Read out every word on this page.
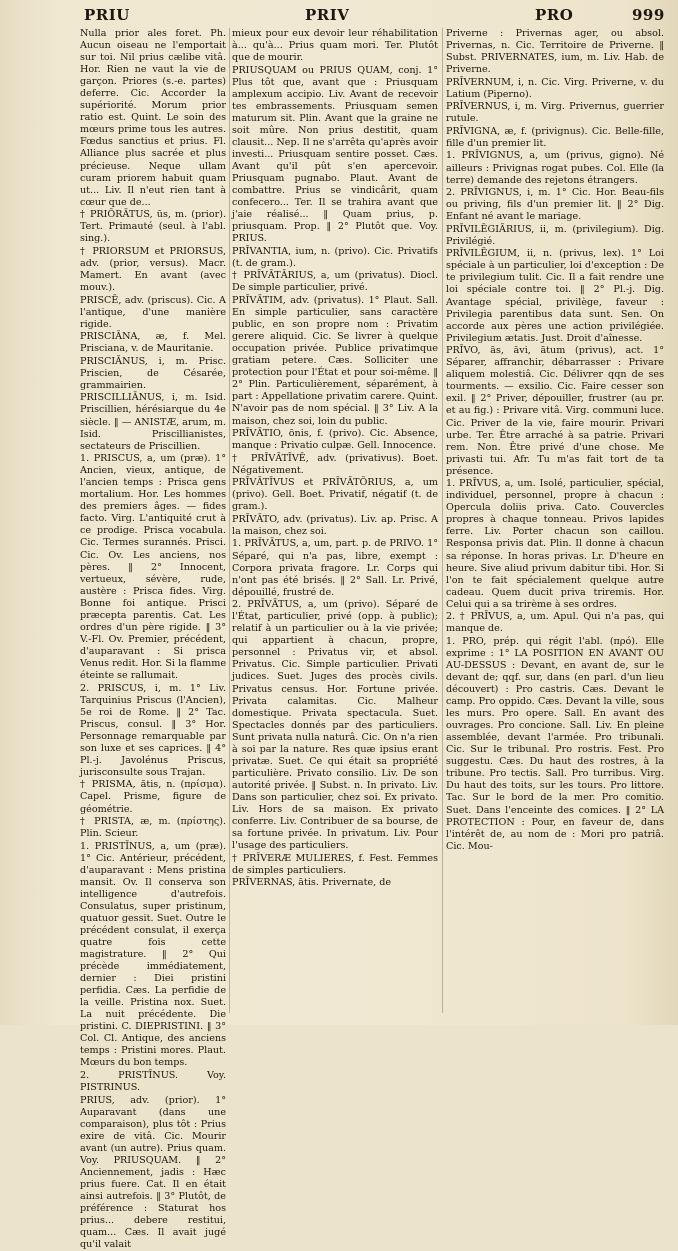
PRIU	PRIV	PRO	999

Nulla prior ales foret. Ph. Aucun oiseau ne l'emportait sur toi. Nil prius cælibe vitâ. Hor. Rien ne vaut la vie de garçon. Priores (s.-e. partes) deferre. Cic. Accorder la supériorité. Morum prior ratio est. Quint. Le soin des mœurs prime tous les autres. Fœdus sanctius et prius. Fl. Alliance plus sacrée et plus précieuse. Neque ullam curam priorem habuit quam ut... Liv. Il n'eut rien tant à cœur que de...

† PRIŌRĀTUS, ūs, m. (prior). Tert. Primauté (seul. à l'abl. sing.).

† PRIORSUM et PRIORSUS, adv. (prior, versus). Macr. Mamert. En avant (avec mouv.).

PRISCĒ, adv. (priscus). Cic. A l'antique, d'une manière rigide.

PRISCIĀNA, æ, f. Mel. Prisciana, v. de Mauritanie.

PRISCIĀNUS, i, m. Prisc. Priscien, de Césarée, grammairien.

PRISCILLIĀNUS, i, m. Isid. Priscillien, hérésiarque du 4e siècle. ‖ — ANISTÆ, arum, m. Isid. Priscillianistes, sectateurs de Priscillien.

1. PRISCUS, a, um (præ). 1° Ancien, vieux, antique, de l'ancien temps : Prisca gens mortalium. Hor. Les hommes des premiers âges. — fides facto. Virg. L'antiquité crut à ce prodige. Prisca vocabula. Cic. Termes surannés. Prisci. Cic. Ov. Les anciens, nos pères. ‖ 2° Innocent, vertueux, sévère, rude, austère : Prisca fides. Virg. Bonne foi antique. Prisci præcepta parentis. Cat. Les ordres d'un père rigide. ‖ 3° V.-Fl. Ov. Premier, précédent, d'auparavant : Si prisca Venus redit. Hor. Si la flamme éteinte se rallumait.

2. PRISCUS, i, m. 1° Liv. Tarquinius Priscus (l'Ancien), 5e roi de Rome. ‖ 2° Tac. Priscus, consul. ‖ 3° Hor. Personnage remarquable par son luxe et ses caprices. ‖ 4° Pl.-j. Javolénus Priscus, jurisconsulte sous Trajan.

† PRISMA, ătis, n. (πρίσμα). Capel. Prisme, figure de géométrie.

† PRISTA, æ, m. (πρίστης). Plin. Scieur.

1. PRISTĪNUS, a, um (præ). 1° Cic. Antérieur, précédent, d'auparavant : Mens pristina mansit. Ov. Il conserva son intelligence d'autrefois. Consulatus, super pristinum, quatuor gessit. Suet. Outre le précédent consulat, il exerça quatre fois cette magistrature. ‖ 2° Qui précède immédiatement, dernier : Diei pristini perfidia. Cæs. La perfidie de la veille. Pristina nox. Suet. La nuit précédente. Die pristini. C. DIEPRISTINI. ‖ 3° Col. Cl. Antique, des anciens temps : Pristini mores. Plaut. Mœurs du bon temps.

2. PRISTĪNUS. Voy. PISTRINUS.

PRIUS, adv. (prior). 1° Auparavant (dans une comparaison), plus tôt : Prius exire de vitâ. Cic. Mourir avant (un autre). Prius quam. Voy. PRIUSQUAM. ‖ 2° Anciennement, jadis : Hæc prius fuere. Cat. Il en était ainsi autrefois. ‖ 3° Plutôt, de préférence : Staturat hos prius... debere restitui, quam... Cæs. Il avait jugé qu'il valait

mieux pour eux devoir leur réhabilitation à... qu'à... Prius quam mori. Ter. Plutôt que de mourir.

PRIUSQUAM ou PRIUS QUAM, conj. 1° Plus tôt que, avant que : Priusquam amplexum accipio. Liv. Avant de recevoir tes embrassements. Priusquam semen maturum sit. Plin. Avant que la graine ne soit mûre. Non prius destitit, quam clausit... Nep. Il ne s'arrêta qu'après avoir investi... Priusquam sentire posset. Cæs. Avant qu'il pût s'en apercevoir. Priusquam pugnabo. Plaut. Avant de combattre. Prius se vindicârit, quam confecero... Ter. Il se trahira avant que j'aie réalisé... ‖ Quam prius, p. priusquam. Prop. ‖ 2° Plutôt que. Voy. PRIUS.

PRĪVANTIA, ium, n. (privo). Cic. Privatifs (t. de gram.).

† PRĪVĀTĀRIUS, a, um (privatus). Diocl. De simple particulier, privé.

PRĪVĀTIM, adv. (privatus). 1° Plaut. Sall. En simple particulier, sans caractère public, en son propre nom : Privatim gerere aliquid. Cic. Se livrer à quelque occupation privée. Publice privatimque gratiam petere. Cæs. Solliciter une protection pour l'État et pour soi-même. ‖ 2° Plin. Particulièrement, séparément, à part : Appellatione privatim carere. Quint. N'avoir pas de nom spécial. ‖ 3° Liv. A la maison, chez soi, loin du public.

PRĪVĀTIO, ōnis, f. (privo). Cic. Absence, manque : Privatio culpæ. Gell. Innocence.

† PRĪVĀTĪVĒ, adv. (privativus). Boet. Négativement.

PRĪVĀTĪVUS et PRĪVĀTŌRIUS, a, um (privo). Gell. Boet. Privatif, négatif (t. de gram.).

PRĪVĀTO, adv. (privatus). Liv. ap. Prisc. A la maison, chez soi.

1. PRĪVĀTUS, a, um, part. p. de PRIVO. 1° Séparé, qui n'a pas, libre, exempt : Corpora privata fragore. Lr. Corps qui n'ont pas été brisés. ‖ 2° Sall. Lr. Privé, dépouillé, frustré de.

2. PRĪVĀTUS, a, um (privo). Séparé de l'État, particulier, privé (opp. à public); relatif à un particulier ou à la vie privée; qui appartient à chacun, propre, personnel : Privatus vir, et absol. Privatus. Cic. Simple particulier. Privati judices. Suet. Juges des procès civils. Privatus census. Hor. Fortune privée. Privata calamitas. Cic. Malheur domestique. Privata spectacula. Suet. Spectacles donnés par des particuliers. Sunt privata nulla naturâ. Cic. On n'a rien à soi par la nature. Res quæ ipsius erant privatæ. Suet. Ce qui était sa propriété particulière. Privato consilio. Liv. De son autorité privée. ‖ Subst. n. In privato. Liv. Dans son particulier, chez soi. Ex privato. Liv. Hors de sa maison. Ex privato conferre. Liv. Contribuer de sa bourse, de sa fortune privée. In privatum. Liv. Pour l'usage des particuliers.

† PRĪVERÆ MULIERES, f. Fest. Femmes de simples particuliers.

PRĪVERNAS, ātis. Privernate, de

Priverne : Privernas ager, ou absol. Privernas, n. Cic. Territoire de Priverne. ‖ Subst. PRIVERNATES, ium, m. Liv. Hab. de Priverne.

PRĪVERNUM, i, n. Cic. Virg. Priverne, v. du Latium (Piperno).

PRĪVERNUS, i, m. Virg. Privernus, guerrier rutule.

PRĪVIGNA, æ, f. (privignus). Cic. Belle-fille, fille d'un premier lit.

1. PRĪVIGNUS, a, um (privus, gigno). Né ailleurs : Privignas rogat pubes. Col. Elle (la terre) demande des rejetons étrangers.

2. PRĪVIGNUS, i, m. 1° Cic. Hor. Beau-fils ou priving, fils d'un premier lit. ‖ 2° Dig. Enfant né avant le mariage.

PRĪVILĒGIĀRIUS, ii, m. (privilegium). Dig. Privilégié.

PRĪVILĒGIUM, ii, n. (privus, lex). 1° Loi spéciale à un particulier, loi d'exception : De te privilegium tulit. Cic. Il a fait rendre une loi spéciale contre toi. ‖ 2° Pl.-j. Dig. Avantage spécial, privilège, faveur : Privilegia parentibus data sunt. Sen. On accorde aux pères une action privilégiée. Privilegium ætatis. Just. Droit d'aînesse.

PRĪVO, ās, āvi, ātum (privus), act. 1° Séparer, affranchir, débarrasser : Privare aliquem molestiâ. Cic. Délivrer qqn de ses tourments. — exsilio. Cic. Faire cesser son exil. ‖ 2° Priver, dépouiller, frustrer (au pr. et au fig.) : Privare vitâ. Virg. communi luce. Cic. Priver de la vie, faire mourir. Privari urbe. Ter. Être arraché à sa patrie. Privari rem. Non. Être privé d'une chose. Me privasti tui. Afr. Tu m'as fait tort de ta présence.

1. PRĪVUS, a, um. Isolé, particulier, spécial, individuel, personnel, propre à chacun : Opercula doliis priva. Cato. Couvercles propres à chaque tonneau. Privos lapides ferre. Liv. Porter chacun son caillou. Responsa privis dat. Plin. Il donne à chacun sa réponse. In horas privas. Lr. D'heure en heure. Sive aliud privum dabitur tibi. Hor. Si l'on te fait spécialement quelque autre cadeau. Quem ducit priva triremis. Hor. Celui qui a sa trirème à ses ordres.

2. † PRĪVUS, a, um. Apul. Qui n'a pas, qui manque de.

1. PRO, prép. qui régit l'abl. (πρό). Elle exprime : 1° LA POSITION EN AVANT OU AU-DESSUS : Devant, en avant de, sur le devant de; qqf. sur, dans (en parl. d'un lieu découvert) : Pro castris. Cæs. Devant le camp. Pro oppido. Cæs. Devant la ville, sous les murs. Pro opere. Sall. En avant des ouvrages. Pro concione. Sall. Liv. En pleine assemblée, devant l'armée. Pro tribunali. Cic. Sur le tribunal. Pro rostris. Fest. Pro suggestu. Cæs. Du haut des rostres, à la tribune. Pro tectis. Sall. Pro turribus. Virg. Du haut des toits, sur les tours. Pro littore. Tac. Sur le bord de la mer. Pro comitio. Suet. Dans l'enceinte des comices. ‖ 2° LA PROTECTION : Pour, en faveur de, dans l'intérêt de, au nom de : Mori pro patriâ. Cic. Mou-
